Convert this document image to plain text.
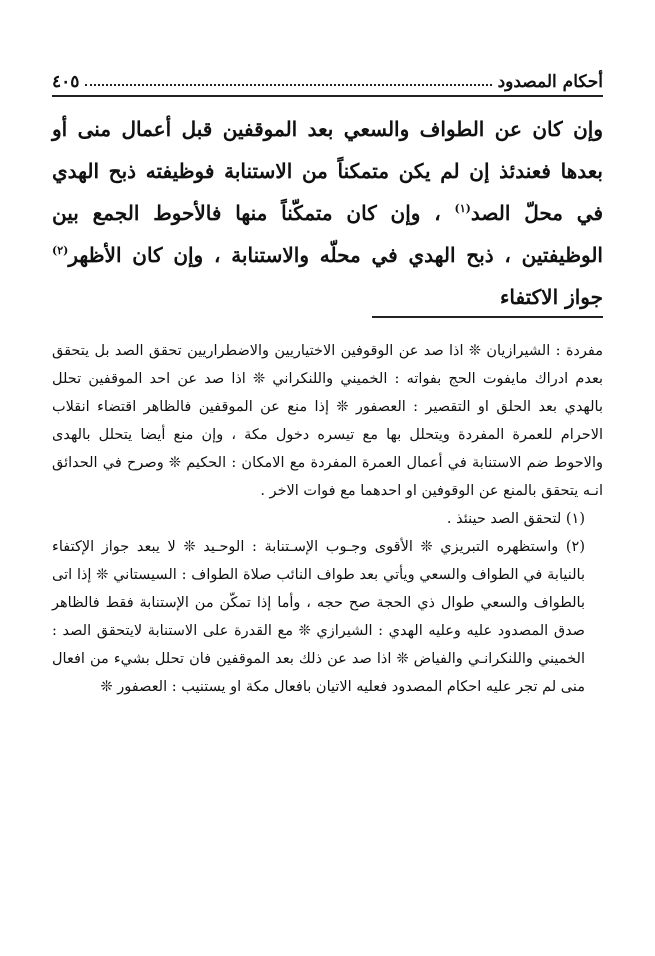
أحكام المصدود
٤٠٥
وإن كان عن الطواف والسعي بعد الموقفين قبل أعمال منى أو بعدها فعندئذ إن لم يكن متمكناً من الاستنابة فوظيفته ذبح الهدي في محلّ الصد$^{(١)}$ ، وإن كان متمكّناً منها فالأحوط الجمع بين الوظيفتين ، ذبح الهدي في محلّه والاستنابة ، وإن كان الأظهر$^{(٢)}$ جواز الاكتفاء

مفردة : الشيرازيان ❊ اذا صد عن الوقوفين الاختياريين والاضطراريين تحقق الصد بل يتحقق بعدم ادراك مايفوت الحج بفواته : الخميني واللنكراني ❊ اذا صد عن احد الموقفين تحلل بالهدي بعد الحلق او التقصير : العصفور ❊ إذا منع عن الموقفين فالظاهر اقتضاء انقلاب الاحرام للعمرة المفردة ويتحلل بها مع تيسره دخول مكة ، وإن منع أيضا يتحلل بالهدى والاحوط ضم الاستنابة في أعمال العمرة المفردة مع الامكان : الحكيم ❊ وصرح في الحدائق انـه يتحقق بالمنع عن الوقوفين او احدهما مع فوات الاخر .

(١) لتحقق الصد حينئذ .

(٢) واستظهره التبريزي ❊ الأقوى وجـوب الإسـتنابة : الوحـيد ❊ لا يبعد جواز الإكتفاء بالنيابة في الطواف والسعي ويأتي بعد طواف النائب صلاة الطواف : السيستاني ❊ إذا اتى بالطواف والسعي طوال ذي الحجة صح حجه ، وأما إذا تمكّن من الإستنابة فقط فالظاهر صدق المصدود عليه وعليه الهدي : الشيرازي ❊ مع القدرة على الاستنابة لايتحقق الصد : الخميني واللنكرانـي والفياض ❊ اذا صد عن ذلك بعد الموقفين فان تحلل بشيء من افعال منى لم تجر عليه احكام المصدود فعليه الاتيان بافعال مكة او يستنيب : العصفور ❊
